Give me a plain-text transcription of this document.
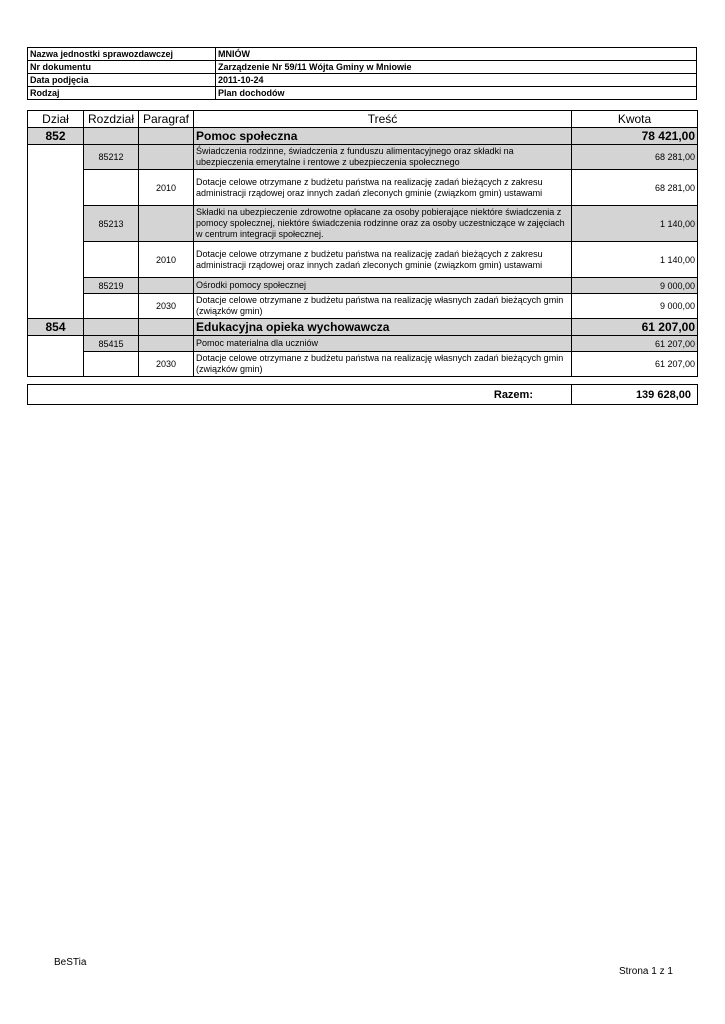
Nazwa jednostki sprawozdawczej	MNIÓW
Nr dokumentu	Zarządzenie Nr 59/11 Wójta Gminy w Mniowie
Data podjęcia	2011-10-24
Rodzaj	Plan dochodów
Dział	Rozdział	Paragraf	Treść	Kwota
852			Pomoc społeczna	78 421,00
	85212		Świadczenia rodzinne, świadczenia z funduszu alimentacyjnego oraz składki na ubezpieczenia emerytalne i rentowe z ubezpieczenia społecznego	68 281,00
		2010	Dotacje celowe otrzymane z budżetu państwa na realizację zadań bieżących z zakresu administracji rządowej oraz innych zadań zleconych gminie (związkom gmin) ustawami	68 281,00
	85213		Składki na ubezpieczenie zdrowotne opłacane za osoby pobierające niektóre świadczenia z pomocy społecznej, niektóre świadczenia rodzinne oraz za osoby uczestniczące w zajęciach w centrum integracji społecznej.	1 140,00
		2010	Dotacje celowe otrzymane z budżetu państwa na realizację zadań bieżących z zakresu administracji rządowej oraz innych zadań zleconych gminie (związkom gmin) ustawami	1 140,00
	85219		Ośrodki pomocy społecznej	9 000,00
		2030	Dotacje celowe otrzymane z budżetu państwa na realizację własnych zadań bieżących gmin (związków gmin)	9 000,00
854			Edukacyjna opieka wychowawcza	61 207,00
	85415		Pomoc materialna dla uczniów	61 207,00
		2030	Dotacje celowe otrzymane z budżetu państwa na realizację własnych zadań bieżących gmin (związków gmin)	61 207,00
Razem:	139 628,00
BeSTia
Strona 1 z 1
